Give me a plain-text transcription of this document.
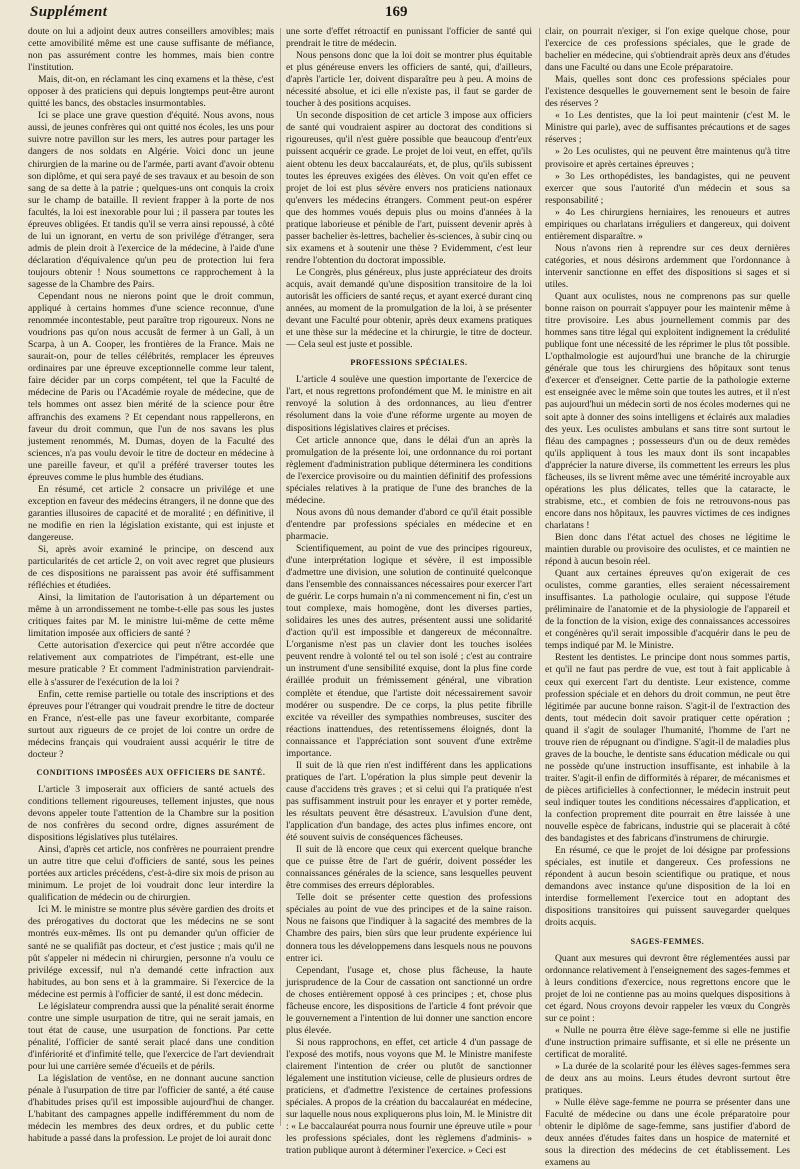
Supplément	169

doute on lui a adjoint deux autres conseillers amovibles; mais cette amovibilité même est une cause suffisante de méfiance, non pas assurément contre les hommes, mais bien contre l'institution.

Mais, dit-on, en réclamant les cinq examens et la thèse, c'est opposer à des praticiens qui depuis longtemps peut-être auront quitté les bancs, des obstacles insurmontables.

Ici se place une grave question d'équité. Nous avons, nous aussi, de jeunes confrères qui ont quitté nos écoles, les uns pour suivre notre pavillon sur les mers, les autres pour partager les dangers de nos soldats en Algérie. Voici donc un jeune chirurgien de la marine ou de l'armée, parti avant d'avoir obtenu son diplôme, et qui sera payé de ses travaux et au besoin de son sang de sa dette à la patrie ; quelques-uns ont conquis la croix sur le champ de bataille. Il revient frapper à la porte de nos facultés, la loi est inexorable pour lui ; il passera par toutes les épreuves obligées. Et tandis qu'il se verra ainsi repoussé, à côté de lui un ignorant, en vertu de son privilége d'étranger, sera admis de plein droit à l'exercice de la médecine, à l'aide d'une déclaration d'équivalence qu'un peu de protection lui fera toujours obtenir ! Nous soumettons ce rapprochement à la sagesse de la Chambre des Pairs.

Cependant nous ne nierons point que le droit commun, appliqué à certains hommes d'une science reconnue, d'une renommée incontestable, peut paraître trop rigoureux. Nons ne voudrions pas qu'on nous accusât de fermer à un Gall, à un Scarpa, à un A. Cooper, les frontières de la France. Mais ne saurait-on, pour de telles célébrités, remplacer les épreuves ordinaires par une épreuve exceptionnelle comme leur talent, faire décider par un corps compétent, tel que la Faculté de médecine de Paris ou l'Académie royale de médecine, que de tels hommes ont assez bien mérité de la science pour être affranchis des examens ? Et cependant nous rappellerons, en faveur du droit commun, que l'un de nos savans les plus justement renommés, M. Dumas, doyen de la Faculté des sciences, n'a pas voulu devoir le titre de docteur en médecine à une pareille faveur, et qu'il a préféré traverser toutes les épreuves comme le plus humble des étudians.

En résumé, cet article 2 consacre un privilége et une exception en faveur des médecins étrangers, il ne donne que des garanties illusoires de capacité et de moralité ; en définitive, il ne modifie en rien la législation existante, qui est injuste et dangereuse.

Si, après avoir examiné le principe, on descend aux particularités de cet article 2, on voit avec regret que plusieurs de ces dispositions ne paraissent pas avoir été suffisamment réfléchies et étudiées.

Ainsi, la limitation de l'autorisation à un département ou même à un arrondissement ne tombe-t-elle pas sous les justes critiques faites par M. le ministre lui-même de cette même limitation imposée aux officiers de santé ?

Cette autorisation d'exercice qui peut n'être accordée que relativement aux compatriotes de l'impétrant, est-elle une mesure praticable ? Et comment l'administration parviendrait-elle à s'assurer de l'exécution de la loi ?

Enfin, cette remise partielle ou totale des inscriptions et des épreuves pour l'étranger qui voudrait prendre le titre de docteur en France, n'est-elle pas une faveur exorbitante, comparée surtout aux rigueurs de ce projet de loi contre un ordre de médecins français qui voudraient aussi acquérir le titre de docteur ?

CONDITIONS IMPOSÉES AUX OFFICIERS DE SANTÉ.

L'article 3 imposerait aux officiers de santé actuels des conditions tellement rigoureuses, tellement injustes, que nous devons appeler toute l'attention de la Chambre sur la position de nos confrères du second ordre, dignes assurément de dispositions législatives plus tutélaires.

Ainsi, d'après cet article, nos confrères ne pourraient prendre un autre titre que celui d'officiers de santé, sous les peines portées aux articles précédens, c'est-à-dire six mois de prison au minimum. Le projet de loi voudrait donc leur interdire la qualification de médecin ou de chirurgien.

Ici M. le ministre se montre plus sévère gardien des droits et des prérogatives du doctorat que les médecins ne se sont montrés eux-mêmes. Ils ont pu demander qu'un officier de santé ne se qualifiât pas docteur, et c'est justice ; mais qu'il ne pût s'appeler ni médecin ni chirurgien, personne n'a voulu ce privilége excessif, nul n'a demandé cette infraction aux habitudes, au bon sens et à la grammaire. Si l'exercice de la médecine est permis à l'officier de santé, il est donc médecin.

Le législateur comprendra aussi que la pénalité serait énorme contre une simple usurpation de titre, qui ne serait jamais, en tout état de cause, une usurpation de fonctions. Par cette pénalité, l'officier de santé serait placé dans une condition d'infériorité et d'infimité telle, que l'exercice de l'art deviendrait pour lui une carrière semée d'écueils et de périls.

La législation de ventôse, en ne donnant aucune sanction pénale à l'usurpation de titre par l'officier de santé, a été cause d'habitudes prises qu'il est impossible aujourd'hui de changer. L'habitant des campagnes appelle indifféremment du nom de médecin les membres des deux ordres, et du public cette habitude a passé dans la profession. Le projet de loi aurait donc

une sorte d'effet rétroactif en punissant l'officier de santé qui prendrait le titre de médecin.

Nous pensons donc que la loi doit se montrer plus équitable et plus généreuse envers les officiers de santé, qui, d'ailleurs, d'après l'article 1er, doivent disparaître peu à peu. A moins de nécessité absolue, et ici elle n'existe pas, il faut se garder de toucher à des positions acquises.

Un seconde disposition de cet article 3 impose aux officiers de santé qui voudraient aspirer au doctorat des conditions si rigoureuses, qu'il n'est guère possible que beaucoup d'entr'eux puissent acquérir ce grade. Le projet de loi veut, en effet, qu'ils aient obtenu les deux baccalauréats, et, de plus, qu'ils subissent toutes les épreuves exigées des élèves. On voit qu'en effet ce projet de loi est plus sévère envers nos praticiens nationaux qu'envers les médecins étrangers. Comment peut-on espérer que des hommes voués depuis plus ou moins d'années à la pratique laborieuse et pénible de l'art, puissent devenir après à passer bachelier ès-lettres, bachelier ès-sciences, à subir cinq ou six examens et à soutenir une thèse ? Evidemment, c'est leur rendre l'obtention du doctorat impossible.

Le Congrès, plus généreux, plus juste appréciateur des droits acquis, avait demandé qu'une disposition transitoire de la loi autorisât les officiers de santé reçus, et ayant exercé durant cinq années, au moment de la promulgation de la loi, à se présenter devant une Faculté pour obtenir, après deux examens pratiques et une thèse sur la médecine et la chirurgie, le titre de docteur. — Cela seul est juste et possible.

PROFESSIONS SPÉCIALES.

L'article 4 soulève une question importante de l'exercice de l'art, et nous regrettons profondément que M. le ministre en ait renvoyé la solution à des ordonnances, au lieu d'entrer résolument dans la voie d'une réforme urgente au moyen de dispositions législatives claires et précises.

Cet article annonce que, dans le délai d'un an après la promulgation de la présente loi, une ordonnance du roi portant règlement d'administration publique déterminera les conditions de l'exercice provisoire ou du maintien définitif des professions spéciales relatives à la pratique de l'une des branches de la médecine.

Nous avons dû nous demander d'abord ce qu'il était possible d'entendre par professions spéciales en médecine et en pharmacie.

Scientifiquement, au point de vue des principes rigoureux, d'une interprétation logique et sévère, il est impossible d'admettre une division, une solution de continuité quelconque dans l'ensemble des connaissances nécessaires pour exercer l'art de guérir. Le corps humain n'a ni commencement ni fin, c'est un tout complexe, mais homogène, dont les diverses parties, solidaires les unes des autres, présentent aussi une solidarité d'action qu'il est impossible et dangereux de méconnaître. L'organisme n'est pas un clavier dont les touches isolées peuvent rendre à volonté tel ou tel son isolé ; c'est au contraire un instrument d'une sensibilité exquise, dont la plus fine corde éraillée produit un frémissement général, une vibration complète et étendue, que l'artiste doit nécessairement savoir modérer ou suspendre. De ce corps, la plus petite fibrille excitée va réveiller des sympathies nombreuses, susciter des réactions inattendues, des retentissemens éloignés, dont la connaissance et l'appréciation sont souvent d'une extrême importance.

Il suit de là que rien n'est indifférent dans les applications pratiques de l'art. L'opération la plus simple peut devenir la cause d'accidens très graves ; et si celui qui l'a pratiquée n'est pas suffisamment instruit pour les enrayer et y porter remède, les résultats peuvent être désastreux. L'avulsion d'une dent, l'application d'un bandage, des actes plus infimes encore, ont été souvent suivis de conséquences fâcheuses.

Il suit de là encore que ceux qui exercent quelque branche que ce puisse être de l'art de guérir, doivent posséder les connaissances générales de la science, sans lesquelles peuvent être commises des erreurs déplorables.

Telle doit se présenter cette question des professions spéciales au point de vue des principes et de la saine raison. Nous ne faisons que l'indiquer à la sagacité des membres de la Chambre des pairs, bien sûrs que leur prudente expérience lui donnera tous les développemens dans lesquels nous ne pouvons entrer ici.

Cependant, l'usage et, chose plus fâcheuse, la haute jurisprudence de la Cour de cassation ont sanctionné un ordre de choses entièrement opposé à ces principes ; et, chose plus fâcheuse encore, les dispositions de l'article 4 font prévoir que le gouvernement a l'intention de lui donner une sanction encore plus élevée.

Si nous rapprochons, en effet, cet article 4 d'un passage de l'exposé des motifs, nous voyons que M. le Ministre manifeste clairement l'intention de créer ou plutôt de sanctionner légalement une institution vicieuse, celle de plusieurs ordres de praticiens, et d'admettre l'existence de certaines professions spéciales. A propos de la création du baccalauréat en médecine, sur laquelle nous nous expliquerons plus loin, M. le Ministre dit : « Le baccalauréat pourra nous fournir une épreuve utile » pour les professions spéciales, dont les règlemens d'adminis- » tration publique auront à déterminer l'exercice. » Ceci est

clair, on pourrait n'exiger, si l'on exige quelque chose, pour l'exercice de ces professions spéciales, que le grade de bachelier en médecine, qui s'obtiendrait après deux ans d'études dans une Faculté ou dans une Ecole préparatoire.

Mais, quelles sont donc ces professions spéciales pour l'existence desquelles le gouvernement sent le besoin de faire des réserves ?

« 1o Les dentistes, que la loi peut maintenir (c'est M. le Ministre qui parle), avec de suffisantes précautions et de sages réserves ;

» 2o Les oculistes, qui ne peuvent être maintenus qu'à titre provisoire et après certaines épreuves ;

» 3o Les orthopédistes, les bandagistes, qui ne peuvent exercer que sous l'autorité d'un médecin et sous sa responsabilité ;

» 4o Les chirurgiens herniaires, les renoueurs et autres empiriques ou charlatans irréguliers et dangereux, qui doivent entièrement disparaître. »

Nous n'avons rien à reprendre sur ces deux dernières catégories, et nous désirons ardemment que l'ordonnance à intervenir sanctionne en effet des dispositions si sages et si utiles.

Quant aux oculistes, nous ne comprenons pas sur quelle bonne raison on pourrait s'appuyer pour les maintenir même à titre provisoire. Les abus journellement commis par des hommes sans titre légal qui exploitent indignement la crédulité publique font une nécessité de les réprimer le plus tôt possible. L'opthalmologie est aujourd'hui une branche de la chirurgie générale que tous les chirurgiens des hôpitaux sont tenus d'exercer et d'enseigner. Cette partie de la pathologie externe est enseignée avec le même soin que toutes les autres, et il n'est pas aujourd'hui un médecin sorti de nos écoles modernes qui ne soit apte à donner des soins intelligens et éclairés aux maladies des yeux. Les oculistes ambulans et sans titre sont surtout le fléau des campagnes ; possesseurs d'un ou de deux remèdes qu'ils appliquent à tous les maux dont ils sont incapables d'apprécier la nature diverse, ils commettent les erreurs les plus fâcheuses, ils se livrent même avec une témérité incroyable aux opérations les plus délicates, telles que la cataracte, le strabisme, etc., et combien de fois ne retrouvons-nous pas encore dans nos hôpitaux, les pauvres victimes de ces indignes charlatans !

Bien donc dans l'état actuel des choses ne légitime le maintien durable ou provisoire des oculistes, et ce maintien ne répond à aucun besoin réel.

Quant aux certaines épreuves qu'on exigerait de ces oculistes, comme garanties, elles seraient nécessairement insuffisantes. La pathologie oculaire, qui suppose l'étude préliminaire de l'anatomie et de la physiologie de l'appareil et de la fonction de la vision, exige des connaissances accessoires et congénères qu'il serait impossible d'acquérir dans le peu de temps indiqué par M. le Ministre.

Restent les dentistes. Le principe dont nous sommes partis, et qu'il ne faut pas perdre de vue, est tout à fait applicable à ceux qui exercent l'art du dentiste. Leur existence, comme profession spéciale et en dehors du droit commun, ne peut être légitimée par aucune bonne raison. S'agit-il de l'extraction des dents, tout médecin doit savoir pratiquer cette opération ; quand il s'agit de soulager l'humanité, l'homme de l'art ne trouve rien de répugnant ou d'indigne. S'agit-il de maladies plus graves de la bouche, le dentiste sans éducation médicale ou qui ne possède qu'une instruction insuffisante, est inhabile à la traiter. S'agit-il enfin de difformités à réparer, de mécanismes et de pièces artificielles à confectionner, le médecin instruit peut seul indiquer toutes les conditions nécessaires d'application, et la confection proprement dite pourrait en être laissée à une nouvelle espèce de fabricans, industrie qui se placerait à côté des bandagistes et des fabricans d'instrumens de chirurgie.

En résumé, ce que le projet de loi désigne par professions spéciales, est inutile et dangereux. Ces professions ne répondent à aucun besoin scientifique ou pratique, et nous demandons avec instance qu'une disposition de la loi en interdise formellement l'exercice tout en adoptant des dispositions transitoires qui puissent sauvegarder quelques droits acquis.

SAGES-FEMMES.

Quant aux mesures qui devront être réglementées aussi par ordonnance relativement à l'enseignement des sages-femmes et à leurs conditions d'exercice, nous regrettons encore que le projet de loi ne contienne pas au moins quelques dispositions à cet égard. Nous croyons devoir rappeler les vœux du Congrès sur ce point :

« Nulle ne pourra être élève sage-femme si elle ne justifie d'une instruction primaire suffisante, et si elle ne présente un certificat de moralité.

» La durée de la scolarité pour les élèves sages-femmes sera de deux ans au moins. Leurs études devront surtout être pratiques.

» Nulle élève sage-femme ne pourra se présenter dans une Faculté de médecine ou dans une école préparatoire pour obtenir le diplôme de sage-femme, sans justifier d'abord de deux années d'études faites dans un hospice de maternité et sous la direction des médecins de cet établissement. Les examens au
